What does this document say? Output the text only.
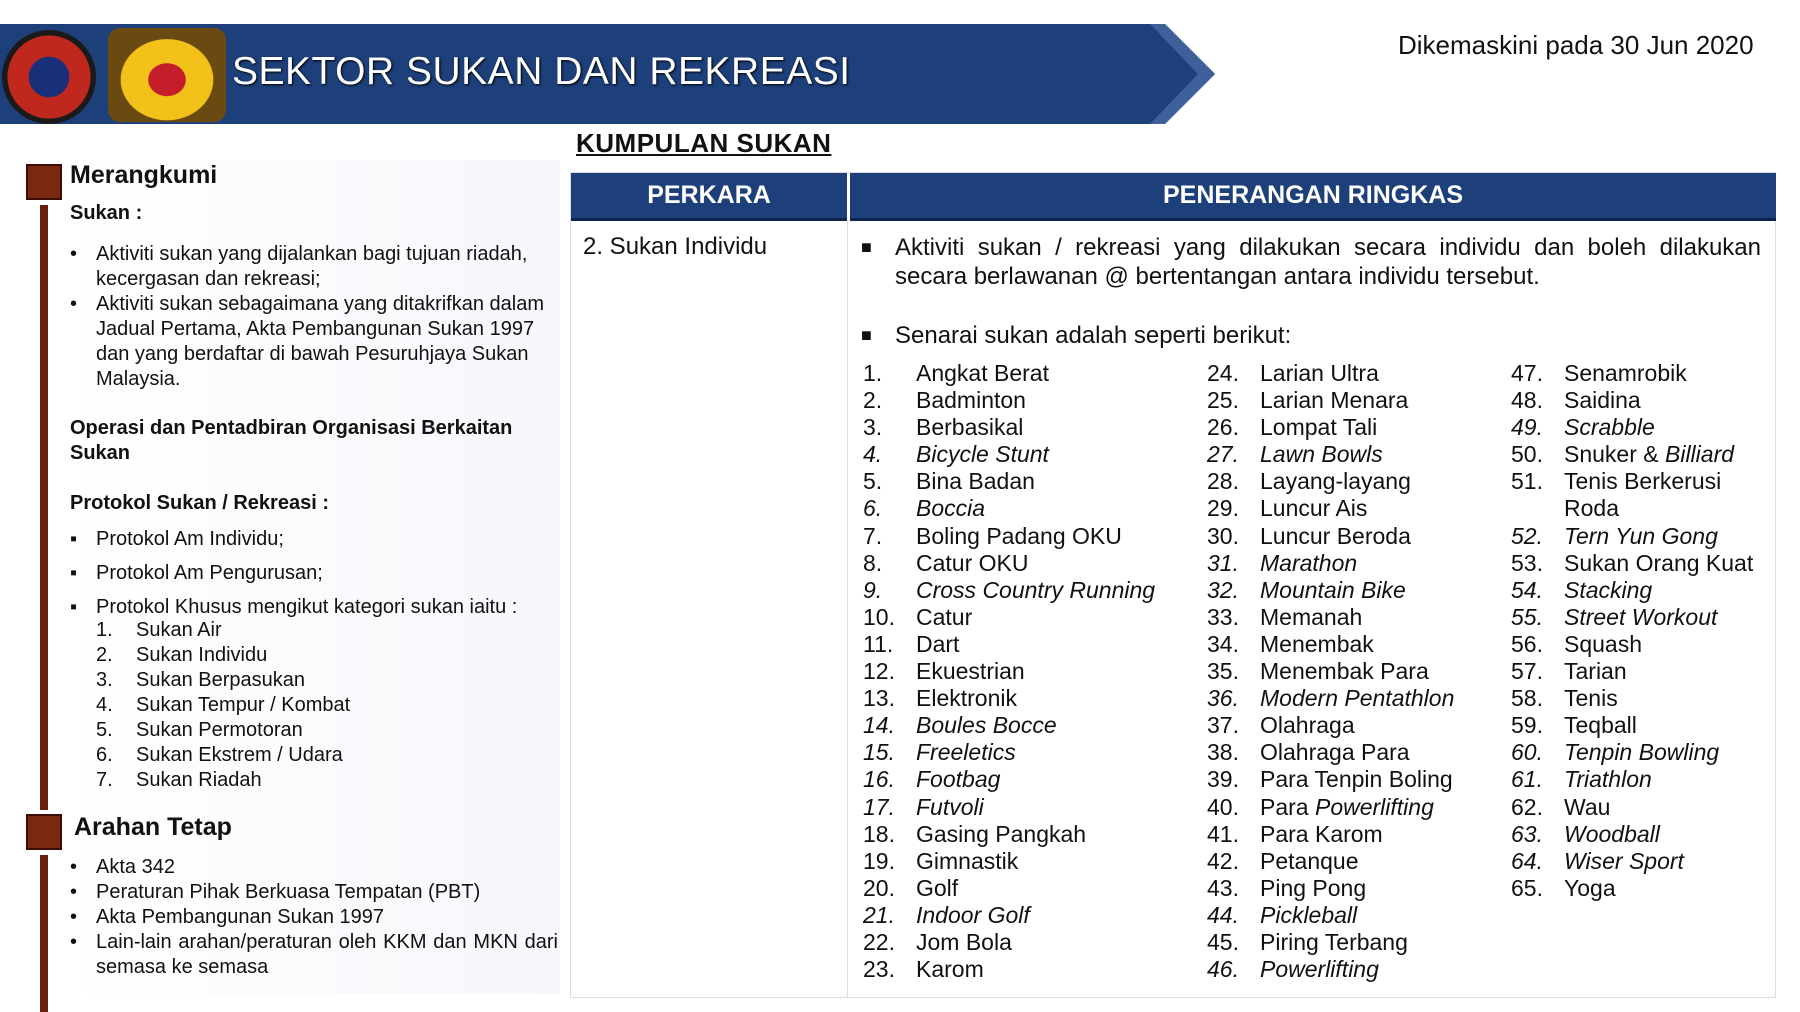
SEKTOR SUKAN DAN REKREASI
Dikemaskini pada 30 Jun 2020
Merangkumi
Sukan :
• Aktiviti sukan yang dijalankan bagi tujuan riadah, kecergasan dan rekreasi;
• Aktiviti sukan sebagaimana yang ditakrifkan dalam Jadual Pertama, Akta Pembangunan Sukan 1997 dan yang berdaftar di bawah Pesuruhjaya Sukan Malaysia.
Operasi dan Pentadbiran Organisasi Berkaitan Sukan
Protokol Sukan / Rekreasi :
▪ Protokol Am Individu;
▪ Protokol Am Pengurusan;
▪ Protokol Khusus mengikut kategori sukan iaitu :
1. Sukan Air
2. Sukan Individu
3. Sukan Berpasukan
4. Sukan Tempur / Kombat
5. Sukan Permotoran
6. Sukan Ekstrem / Udara
7. Sukan Riadah
Arahan Tetap
• Akta 342
• Peraturan Pihak Berkuasa Tempatan (PBT)
• Akta Pembangunan Sukan 1997
• Lain-lain arahan/peraturan oleh KKM dan MKN dari semasa ke semasa
KUMPULAN SUKAN
PERKARA	PENERANGAN RINGKAS
2. Sukan Individu	■ Aktiviti sukan / rekreasi yang dilakukan secara individu dan boleh dilakukan secara berlawanan @ bertentangan antara individu tersebut.
■ Senarai sukan adalah seperti berikut:
1. Angkat Berat
2. Badminton
3. Berbasikal
4. Bicycle Stunt
5. Bina Badan
6. Boccia
7. Boling Padang OKU
8. Catur OKU
9. Cross Country Running
10. Catur
11. Dart
12. Ekuestrian
13. Elektronik
14. Boules Bocce
15. Freeletics
16. Footbag
17. Futvoli
18. Gasing Pangkah
19. Gimnastik
20. Golf
21. Indoor Golf
22. Jom Bola
23. Karom
24. Larian Ultra
25. Larian Menara
26. Lompat Tali
27. Lawn Bowls
28. Layang-layang
29. Luncur Ais
30. Luncur Beroda
31. Marathon
32. Mountain Bike
33. Memanah
34. Menembak
35. Menembak Para
36. Modern Pentathlon
37. Olahraga
38. Olahraga Para
39. Para Tenpin Boling
40. Para Powerlifting
41. Para Karom
42. Petanque
43. Ping Pong
44. Pickleball
45. Piring Terbang
46. Powerlifting
47. Senamrobik
48. Saidina
49. Scrabble
50. Snuker & Billiard
51. Tenis Berkerusi
Roda
52. Tern Yun Gong
53. Sukan Orang Kuat
54. Stacking
55. Street Workout
56. Squash
57. Tarian
58. Tenis
59. Teqball
60. Tenpin Bowling
61. Triathlon
62. Wau
63. Woodball
64. Wiser Sport
65. Yoga
